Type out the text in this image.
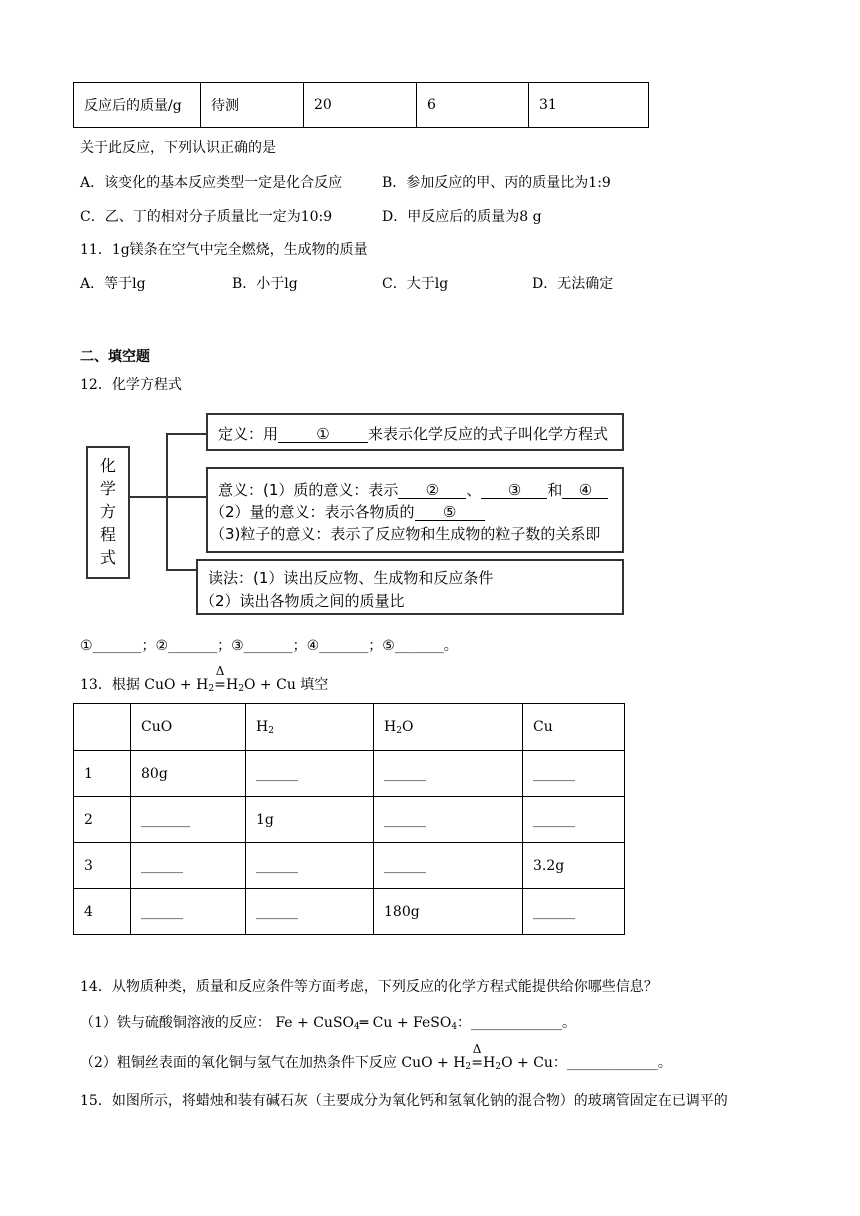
反应后的质量/g	待测	20	6	31
关于此反应，下列认识正确的是
A．该变化的基本反应类型一定是化合反应	B．参加反应的甲、丙的质量比为1:9
C．乙、丁的相对分子质量比一定为10:9	D．甲反应后的质量为8 g
11．1g镁条在空气中完全燃烧，生成物的质量
A．等于lg	B．小于lg	C．大于lg	D．无法确定
二、填空题
12．化学方程式
化
学
方
程
式
定义：用	①	来表示化学反应的式子叫化学方程式
意义：(1）质的意义：表示 ② 、 ③ 和 ④
（2）量的意义：表示各物质的 ⑤
（3)粒子的意义：表示了反应物和生成物的粒子数的关系即
读法：(1）读出反应物、生成物和反应条件
（2）读出各物质之间的质量比
①_______；②_______；③_______；④_______；⑤_______。
13．根据 CuO + $H_2$
Δ
$=H_2O + Cu$ 填空
	CuO	$H_2$	$H_2O$	Cu
1	80g	______	______	______
2	_______	1g	______	______
3	______	______	______	3.2g
4	______	______	180g	______
14．从物质种类，质量和反应条件等方面考虑，下列反应的化学方程式能提供给你哪些信息？
（1）铁与硫酸铜溶液的反应： Fe + CuSO$_4$═ Cu + FeSO$_4$：_____________。
（2）粗铜丝表面的氧化铜与氢气在加热条件下反应 CuO + $H_2$
Δ
$=H_2O + Cu$：_____________。
15．如图所示，将蜡烛和装有碱石灰（主要成分为氧化钙和氢氧化钠的混合物）的玻璃管固定在已调平的
